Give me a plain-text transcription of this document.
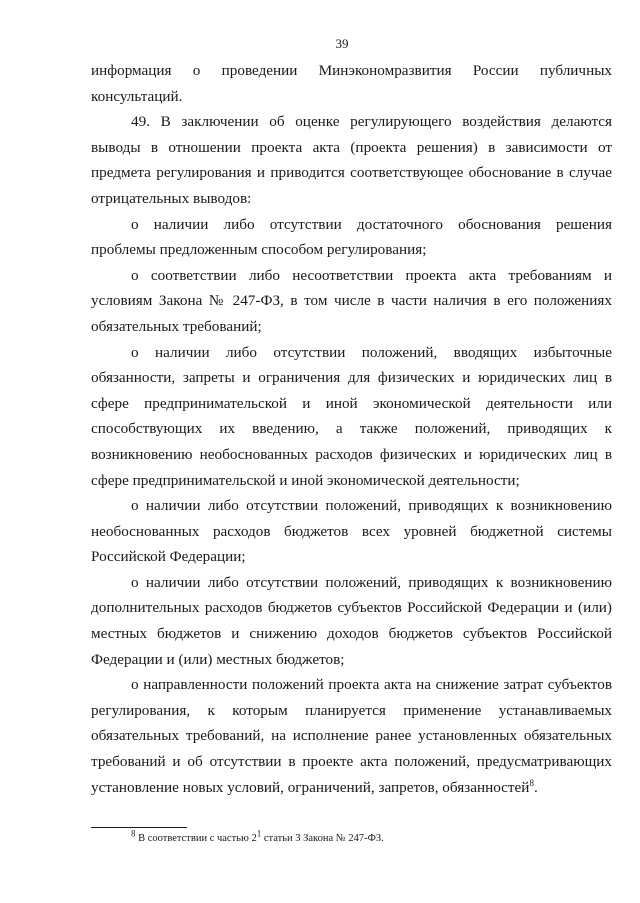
39

информация о проведении Минэкономразвития России публичных консультаций.

49. В заключении об оценке регулирующего воздействия делаются выводы в отношении проекта акта (проекта решения) в зависимости от предмета регулирования и приводится соответствующее обоснование в случае отрицательных выводов:

о наличии либо отсутствии достаточного обоснования решения проблемы предложенным способом регулирования;

о соответствии либо несоответствии проекта акта требованиям и условиям Закона № 247-ФЗ, в том числе в части наличия в его положениях обязательных требований;

о наличии либо отсутствии положений, вводящих избыточные обязанности, запреты и ограничения для физических и юридических лиц в сфере предпринимательской и иной экономической деятельности или способствующих их введению, а также положений, приводящих к возникновению необоснованных расходов физических и юридических лиц в сфере предпринимательской и иной экономической деятельности;

о наличии либо отсутствии положений, приводящих к возникновению необоснованных расходов бюджетов всех уровней бюджетной системы Российской Федерации;

о наличии либо отсутствии положений, приводящих к возникновению дополнительных расходов бюджетов субъектов Российской Федерации и (или) местных бюджетов и снижению доходов бюджетов субъектов Российской Федерации и (или) местных бюджетов;

о направленности положений проекта акта на снижение затрат субъектов регулирования, к которым планируется применение устанавливаемых обязательных требований, на исполнение ранее установленных обязательных требований и об отсутствии в проекте акта положений, предусматривающих установление новых условий, ограничений, запретов, обязанностей$^8$.

$^8$ В соответствии с частью $2^1$ статьи 3 Закона № 247-ФЗ.
